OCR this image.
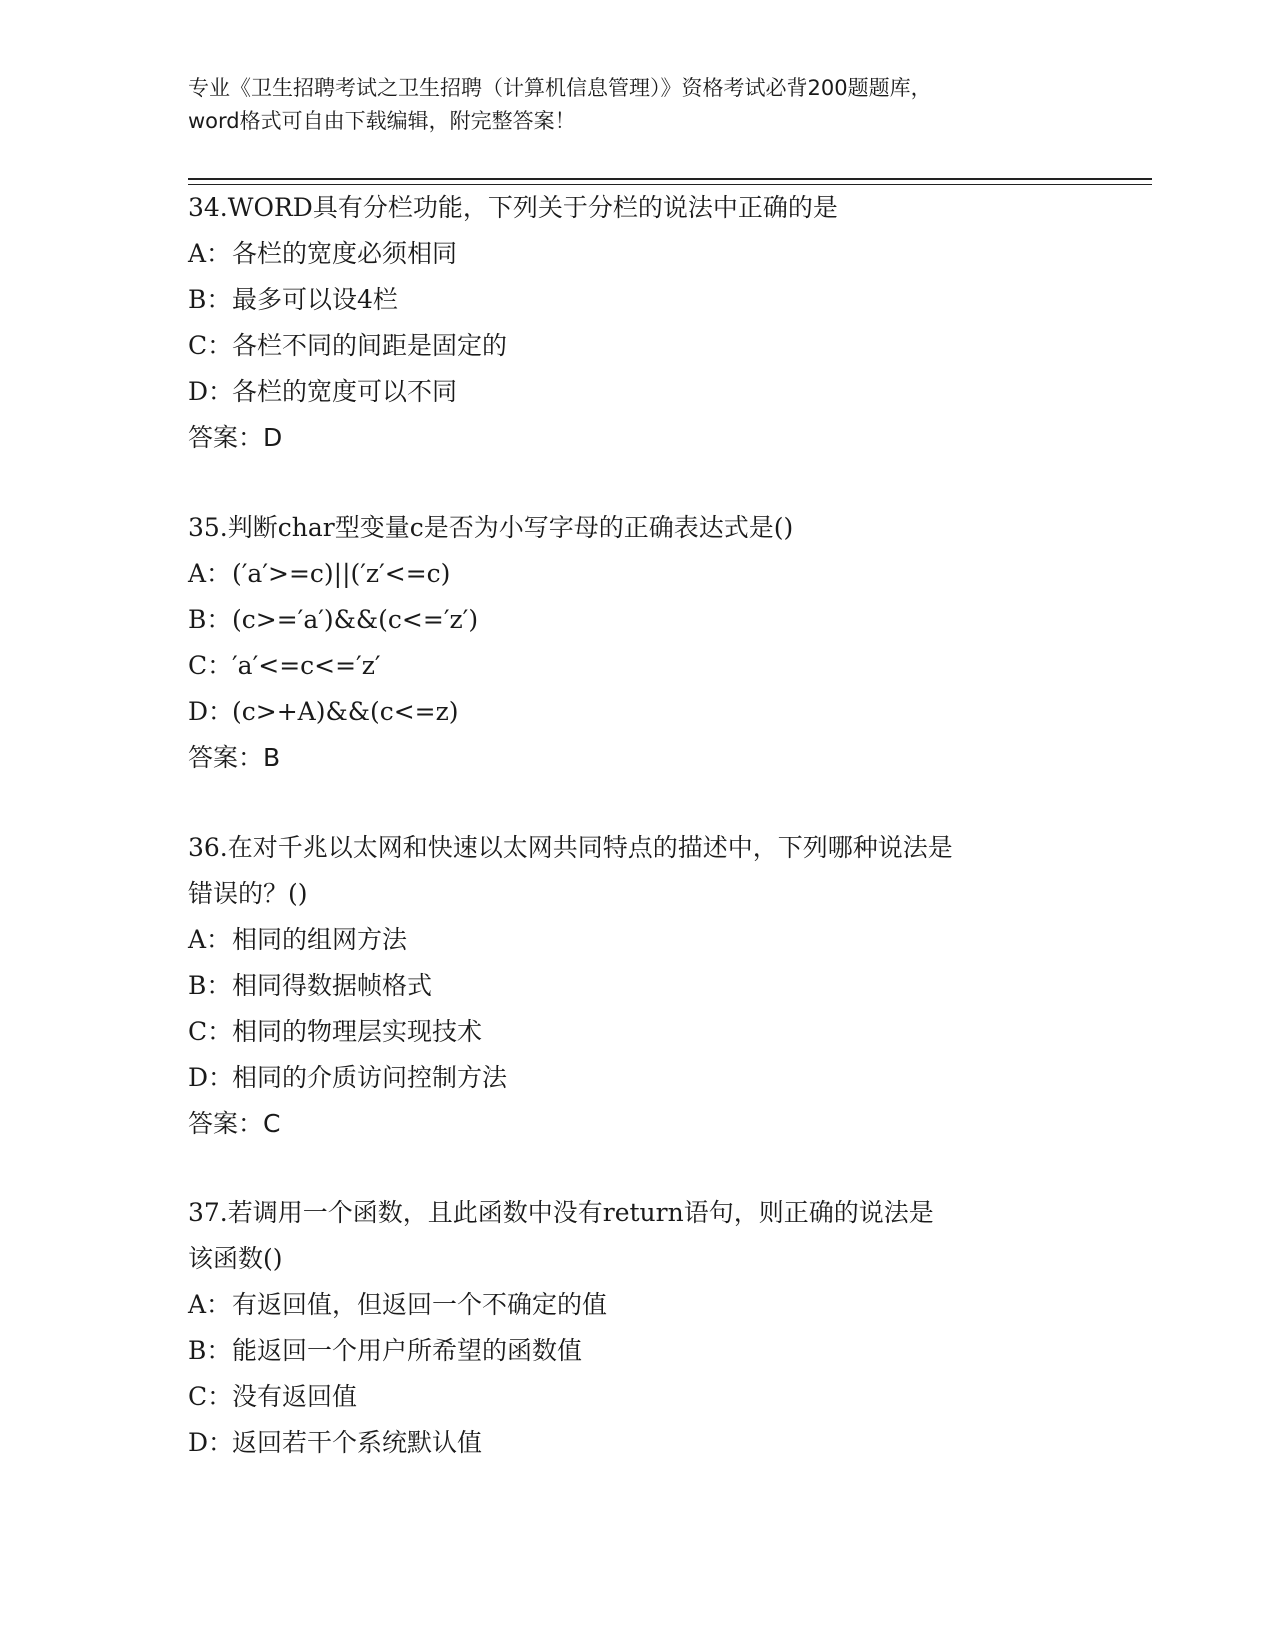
专业《卫生招聘考试之卫生招聘（计算机信息管理）》资格考试必背200题题库，
word格式可自由下载编辑，附完整答案！
34.WORD具有分栏功能，下列关于分栏的说法中正确的是
A：各栏的宽度必须相同
B：最多可以设4栏
C：各栏不同的间距是固定的
D：各栏的宽度可以不同
答案：D
35.判断char型变量c是否为小写字母的正确表达式是()
A：(′a′>=c)||(′z′<=c)
B：(c>=′a′)&&(c<=′z′)
C：′a′<=c<=′z′
D：(c>+A)&&(c<=z)
答案：B
36.在对千兆以太网和快速以太网共同特点的描述中，下列哪种说法是
错误的？()
A：相同的组网方法
B：相同得数据帧格式
C：相同的物理层实现技术
D：相同的介质访问控制方法
答案：C
37.若调用一个函数，且此函数中没有return语句，则正确的说法是
该函数()
A：有返回值，但返回一个不确定的值
B：能返回一个用户所希望的函数值
C：没有返回值
D：返回若干个系统默认值
